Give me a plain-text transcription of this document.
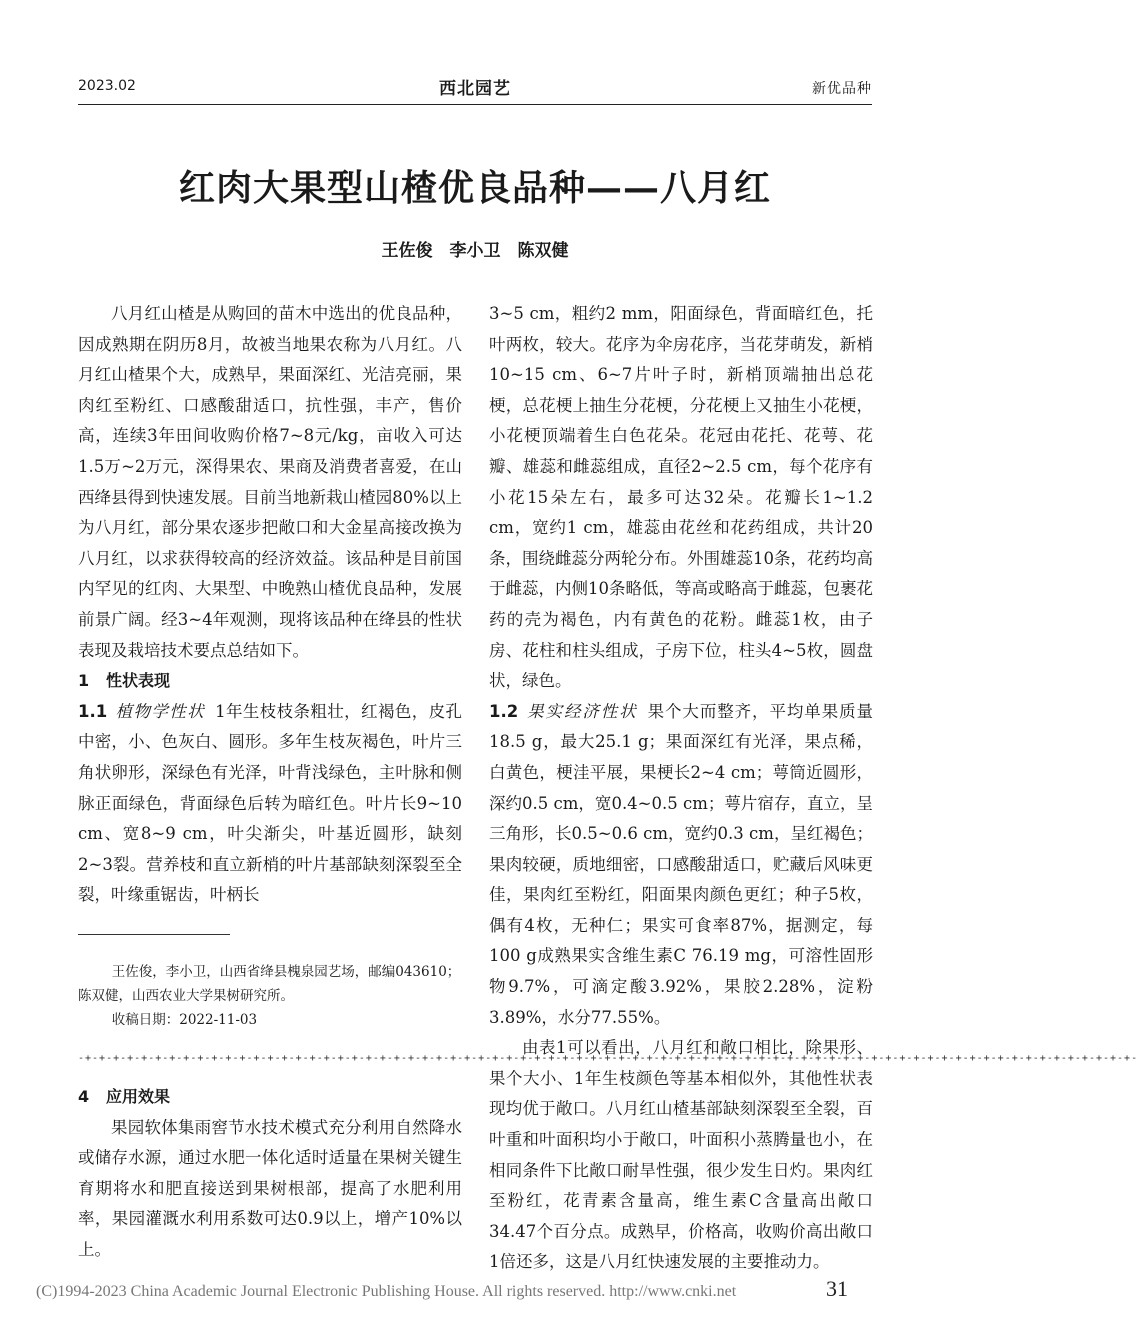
2023.02	西北园艺	新优品种
红肉大果型山楂优良品种——八月红
王佐俊　李小卫　陈双健

八月红山楂是从购回的苗木中选出的优良品种，因成熟期在阴历8月，故被当地果农称为八月红。八月红山楂果个大，成熟早，果面深红、光洁亮丽，果肉红至粉红、口感酸甜适口，抗性强，丰产，售价高，连续3年田间收购价格7~8元/kg，亩收入可达1.5万~2万元，深得果农、果商及消费者喜爱，在山西绛县得到快速发展。目前当地新栽山楂园80%以上为八月红，部分果农逐步把敞口和大金星高接改换为八月红，以求获得较高的经济效益。该品种是目前国内罕见的红肉、大果型、中晚熟山楂优良品种，发展前景广阔。经3~4年观测，现将该品种在绛县的性状表现及栽培技术要点总结如下。

1 性状表现

1.1 植物学性状 1年生枝枝条粗壮，红褐色，皮孔中密，小、色灰白、圆形。多年生枝灰褐色，叶片三角状卵形，深绿色有光泽，叶背浅绿色，主叶脉和侧脉正面绿色，背面绿色后转为暗红色。叶片长9~10 cm、宽8~9 cm，叶尖渐尖，叶基近圆形，缺刻2~3裂。营养枝和直立新梢的叶片基部缺刻深裂至全裂，叶缘重锯齿，叶柄长

王佐俊，李小卫，山西省绛县槐泉园艺场，邮编043610；陈双健，山西农业大学果树研究所。

收稿日期：2022-11-03

-+-+-+-+-+-+-+-+-+-+-+-+-+-+-+-+-+-+-+-+-+-+-+-+-+-+-+-+-+-+-+-+-+-+-+-+-+-+-+-+-+-+-+-+-+-+-+-+-+-+-+-+-+-+-+-+-+-+-+-+-+-+-+-+-+-+-+-+-+-+-+-+-+-+-+-

4 应用效果

果园软体集雨窖节水技术模式充分利用自然降水或储存水源，通过水肥一体化适时适量在果树关键生育期将水和肥直接送到果树根部，提高了水肥利用率，果园灌溉水利用系数可达0.9以上，增产10%以上。

3~5 cm，粗约2 mm，阳面绿色，背面暗红色，托叶两枚，较大。花序为伞房花序，当花芽萌发，新梢10~15 cm、6~7片叶子时，新梢顶端抽出总花梗，总花梗上抽生分花梗，分花梗上又抽生小花梗，小花梗顶端着生白色花朵。花冠由花托、花萼、花瓣、雄蕊和雌蕊组成，直径2~2.5 cm，每个花序有小花15朵左右，最多可达32朵。花瓣长1~1.2 cm，宽约1 cm，雄蕊由花丝和花药组成，共计20条，围绕雌蕊分两轮分布。外围雄蕊10条，花药均高于雌蕊，内侧10条略低，等高或略高于雌蕊，包裹花药的壳为褐色，内有黄色的花粉。雌蕊1枚，由子房、花柱和柱头组成，子房下位，柱头4~5枚，圆盘状，绿色。

1.2 果实经济性状 果个大而整齐，平均单果质量18.5 g，最大25.1 g；果面深红有光泽，果点稀，白黄色，梗洼平展，果梗长2~4 cm；萼筒近圆形，深约0.5 cm，宽0.4~0.5 cm；萼片宿存，直立，呈三角形，长0.5~0.6 cm，宽约0.3 cm，呈红褐色；果肉较硬，质地细密，口感酸甜适口，贮藏后风味更佳，果肉红至粉红，阳面果肉颜色更红；种子5枚，偶有4枚，无种仁；果实可食率87%，据测定，每100 g成熟果实含维生素C 76.19 mg，可溶性固形物9.7%，可滴定酸3.92%，果胶2.28%，淀粉3.89%，水分77.55%。

由表1可以看出，八月红和敞口相比，除果形、果个大小、1年生枝颜色等基本相似外，其他性状表现均优于敞口。八月红山楂基部缺刻深裂至全裂，百叶重和叶面积均小于敞口，叶面积小蒸腾量也小，在相同条件下比敞口耐旱性强，很少发生日灼。果肉红至粉红，花青素含量高，维生素C含量高出敞口34.47个百分点。成熟早，价格高，收购价高出敞口1倍还多，这是八月红快速发展的主要推动力。

(C)1994-2023 China Academic Journal Electronic Publishing House. All rights reserved. http://www.cnki.net	31
